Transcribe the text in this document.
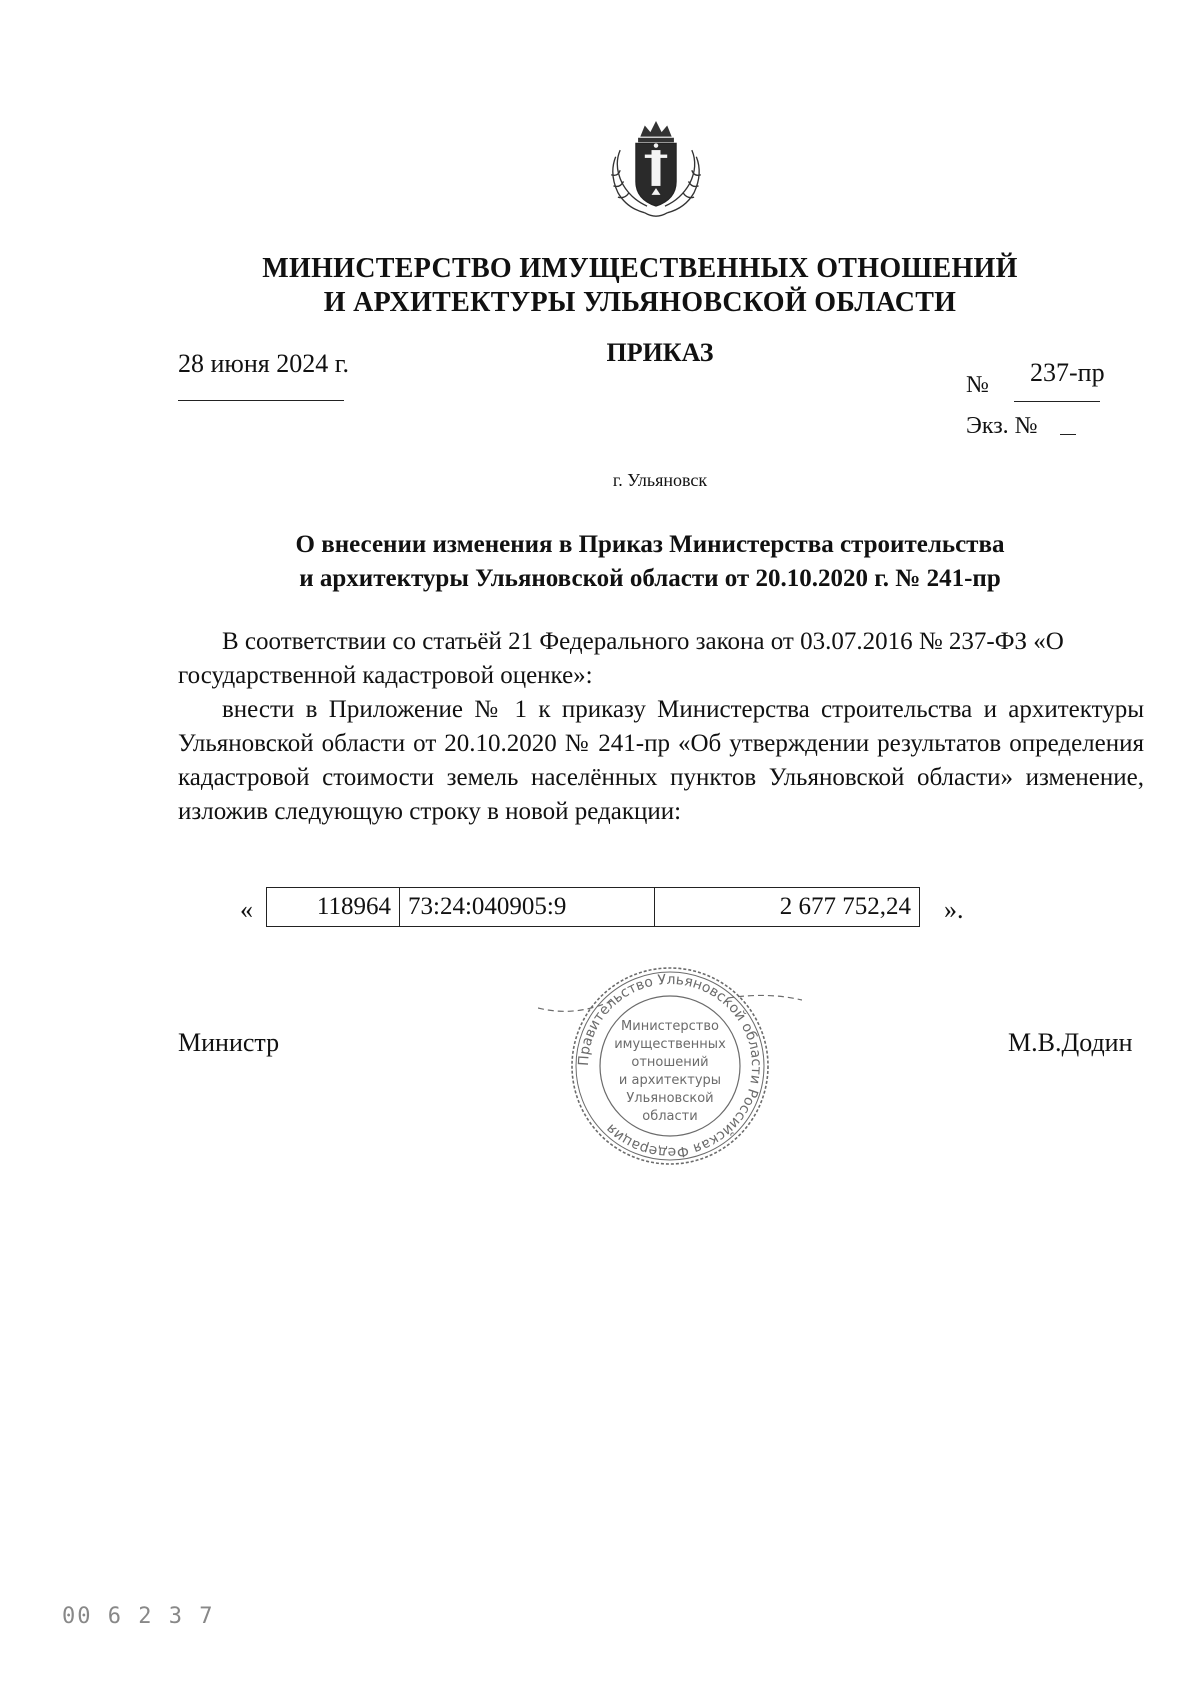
МИНИСТЕРСТВО ИМУЩЕСТВЕННЫХ ОТНОШЕНИЙ
И АРХИТЕКТУРЫ УЛЬЯНОВСКОЙ ОБЛАСТИ
ПРИКАЗ
28 июня 2024 г.
№ 237-пр
Экз. №
г. Ульяновск
О внесении изменения в Приказ Министерства строительства
и архитектуры Ульяновской области от 20.10.2020 г. № 241-пр
В соответствии со статьёй 21 Федерального закона от 03.07.2016 № 237-ФЗ «О государственной кадастровой оценке»:
внести в Приложение № 1 к приказу Министерства строительства и архитектуры Ульяновской области от 20.10.2020 № 241-пр «Об утверждении результатов определения кадастровой стоимости земель населённых пунктов Ульяновской области» изменение, изложив следующую строку в новой редакции:
«	118964	73:24:040905:9	2 677 752,24 ».
Министр	М.В.Додин
Правительство Ульяновской области Российская Федерация
Министерство
имущественных
отношений
и архитектуры
Ульяновской
области
00 6 2 3 7
